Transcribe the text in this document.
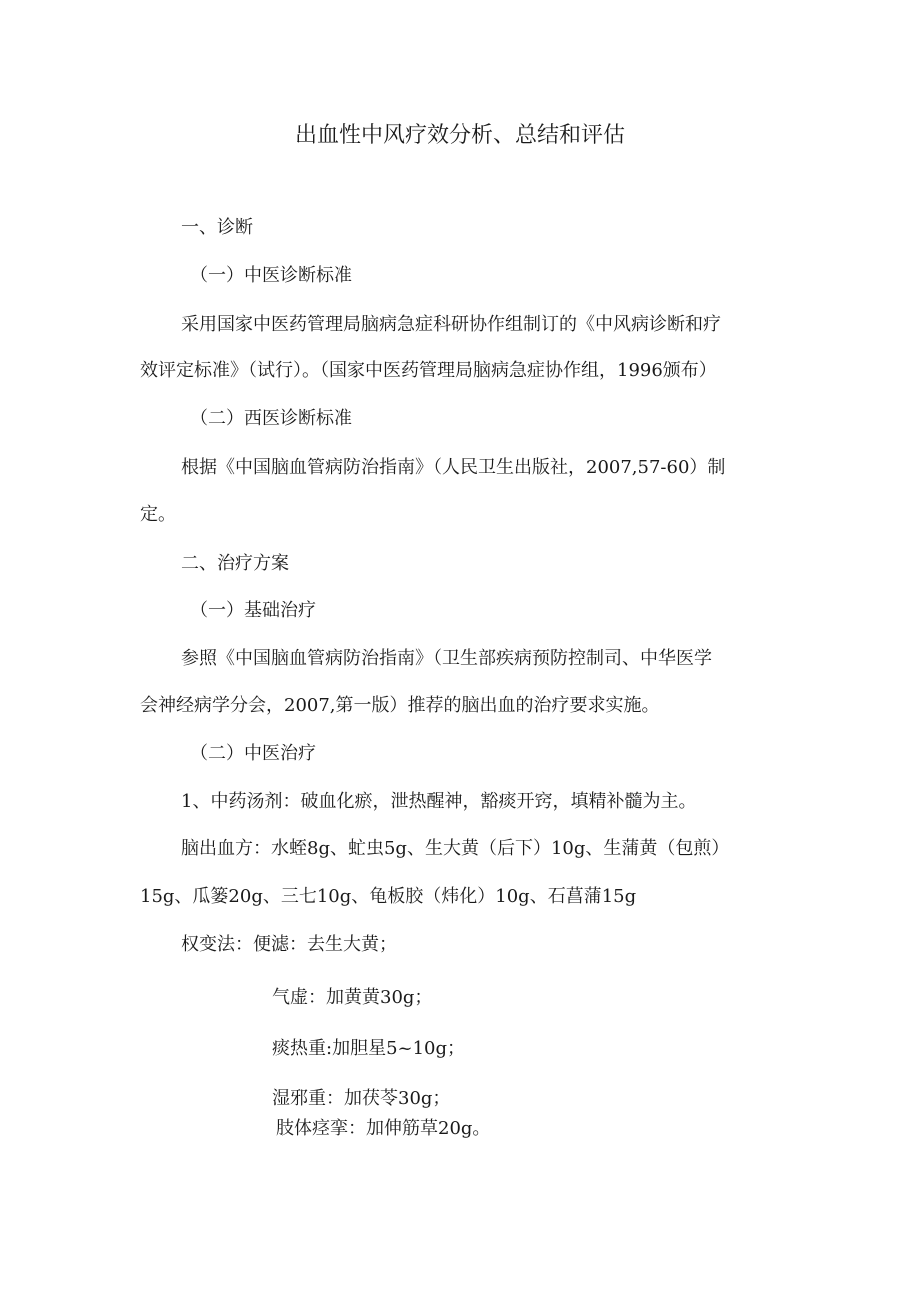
出血性中风疗效分析、总结和评估
一、诊断
（一）中医诊断标准
采用国家中医药管理局脑病急症科研协作组制订的《中风病诊断和疗
效评定标准》（试行）。（国家中医药管理局脑病急症协作组，1996颁布）
（二）西医诊断标准
根据《中国脑血管病防治指南》（人民卫生出版社，2007,57-60）制
定。
二、治疗方案
（一）基础治疗
参照《中国脑血管病防治指南》（卫生部疾病预防控制司、中华医学
会神经病学分会，2007,第一版）推荐的脑出血的治疗要求实施。
（二）中医治疗
1、中药汤剂：破血化瘀，泄热醒神，豁痰开窍，填精补髓为主。
脑出血方：水蛭8g、虻虫5g、生大黄（后下）10g、生蒲黄（包煎）
15g、瓜篓20g、三七10g、龟板胶（炜化）10g、石菖蒲15g
权变法：便滤：去生大黄；
气虚：加黄黄30g；
痰热重:加胆星5~10g；
湿邪重：加茯苓30g；
肢体痉挛：加伸筋草20g。
